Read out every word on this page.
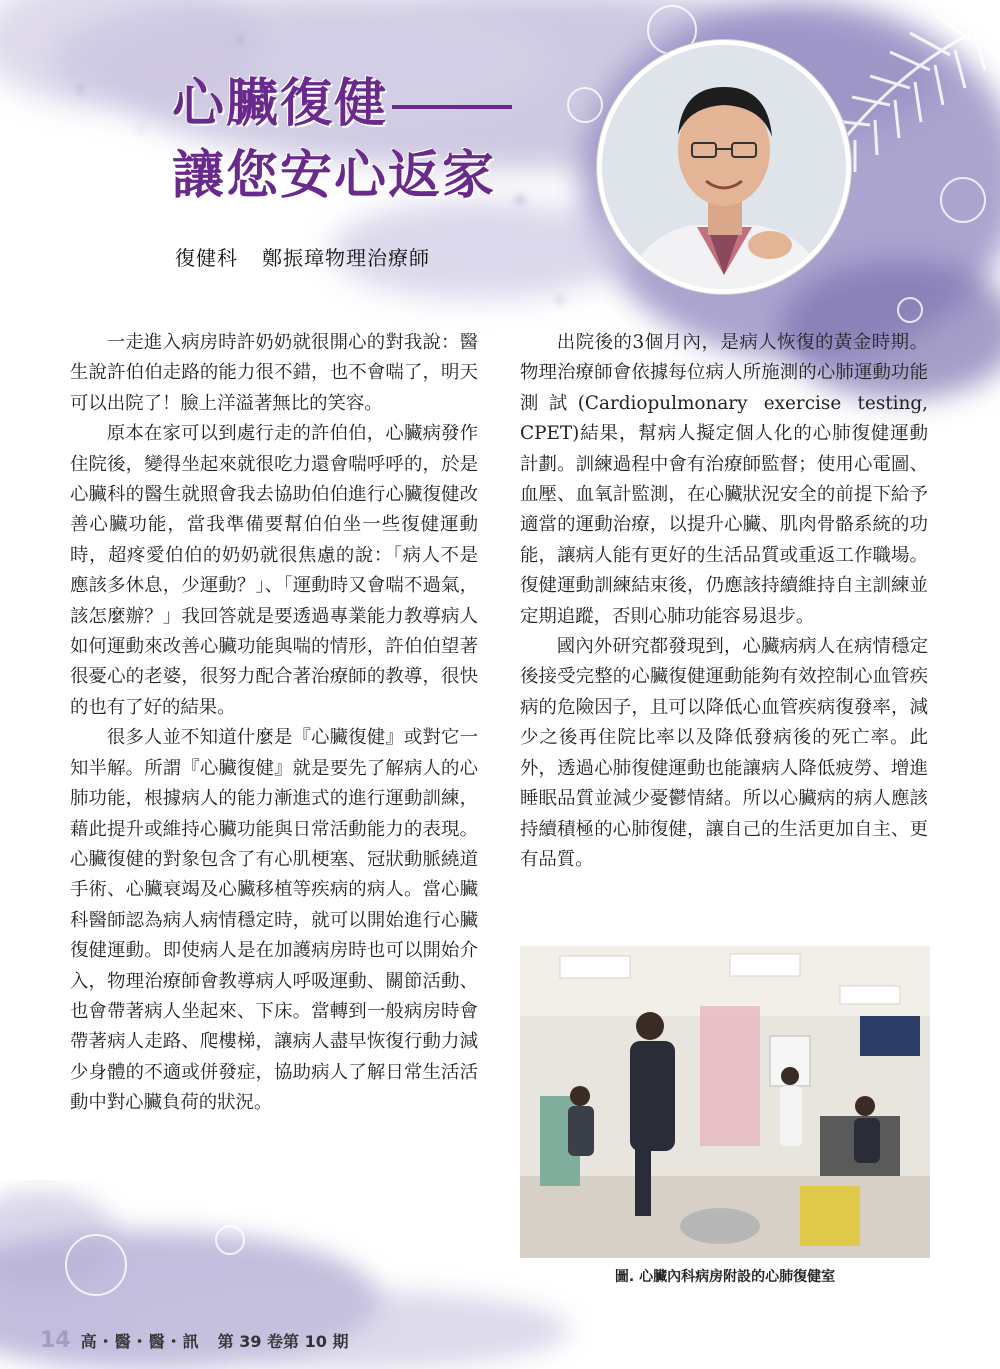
心臟復健
讓您安心返家
復健科 鄭振璋物理治療師

一走進入病房時許奶奶就很開心的對我說：醫生說許伯伯走路的能力很不錯，也不會喘了，明天可以出院了！臉上洋溢著無比的笑容。

原本在家可以到處行走的許伯伯，心臟病發作住院後，變得坐起來就很吃力還會喘呼呼的，於是心臟科的醫生就照會我去協助伯伯進行心臟復健改善心臟功能，當我準備要幫伯伯坐一些復健運動時，超疼愛伯伯的奶奶就很焦慮的說：「病人不是應該多休息，少運動？」、「運動時又會喘不過氣，該怎麼辦？」我回答就是要透過專業能力教導病人如何運動來改善心臟功能與喘的情形，許伯伯望著很憂心的老婆，很努力配合著治療師的教導，很快的也有了好的結果。

很多人並不知道什麼是『心臟復健』或對它一知半解。所謂『心臟復健』就是要先了解病人的心肺功能，根據病人的能力漸進式的進行運動訓練，藉此提升或維持心臟功能與日常活動能力的表現。心臟復健的對象包含了有心肌梗塞、冠狀動脈繞道手術、心臟衰竭及心臟移植等疾病的病人。當心臟科醫師認為病人病情穩定時，就可以開始進行心臟復健運動。即使病人是在加護病房時也可以開始介入，物理治療師會教導病人呼吸運動、關節活動、也會帶著病人坐起來、下床。當轉到一般病房時會帶著病人走路、爬樓梯，讓病人盡早恢復行動力減少身體的不適或併發症，協助病人了解日常生活活動中對心臟負荷的狀況。

出院後的3個月內，是病人恢復的黃金時期。物理治療師會依據每位病人所施測的心肺運動功能測試(Cardiopulmonary exercise testing, CPET)結果，幫病人擬定個人化的心肺復健運動計劃。訓練過程中會有治療師監督；使用心電圖、血壓、血氧計監測，在心臟狀況安全的前提下給予適當的運動治療，以提升心臟、肌肉骨骼系統的功能，讓病人能有更好的生活品質或重返工作職場。復健運動訓練結束後，仍應該持續維持自主訓練並定期追蹤，否則心肺功能容易退步。

國內外研究都發現到，心臟病病人在病情穩定後接受完整的心臟復健運動能夠有效控制心血管疾病的危險因子，且可以降低心血管疾病復發率，減少之後再住院比率以及降低發病後的死亡率。此外，透過心肺復健運動也能讓病人降低疲勞、增進睡眠品質並減少憂鬱情緒。所以心臟病的病人應該持續積極的心肺復健，讓自己的生活更加自主、更有品質。

圖. 心臟內科病房附設的心肺復健室
14 高・醫・醫・訊 第 39 卷第 10 期
